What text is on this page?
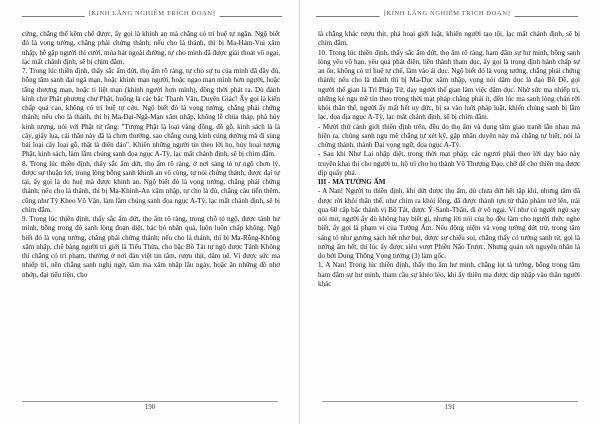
[KINH LĂNG NGHIÊM TRÍCH ĐOẠN]

cứng, chẳng thể kềm chế được, ấy gọi là khinh an mà chẳng có trí huệ tự ngăn. Ngộ biết đó là vọng tưởng, chẳng phải chứng thánh; nếu cho là thánh, thì bị Ma-Hám-Vui xâm nhập, hễ gặp người thì cười, múa hát ngoài đường, tự cho mình đã được giải thoát vô ngại, lạc mất chánh định, sẽ bị chìm đắm.

7. Trong lúc thiền định, thấy sắc ấm dứt, thọ ấm rõ ràng, tự cho sự tu của mình đã đầy đủ, bỗng tâm sanh đại ngã mạn, hoặc khinh mạn người, hoặc ngạo mạn mình hơn người, hoặc tăng thượng mạn, hoặc ti liệt mạn (khinh người hơn mình), đồng thời phát ra. Dù đảnh kính chư Phật phương chư Phật, huống là các bậc Thanh Văn, Duyên Giác! Ấy gọi là kiến chấp quá cao, không có trí huệ tự cứu. Ngộ biết đó là vọng tưởng, chẳng phải chứng thánh; nếu cho là thánh, thì bị Ma-Đại-Ngã-Mạn xâm nhập, không lễ chùa tháp, phá hủy kinh tượng, nói với Phật tử rằng: "Tượng Phật là loại vàng đồng, đồ gỗ, kinh sách là lá cây, giấy lụa, cái thân này đã là chơn thường, sao chẳng cung kính cúng dường mà đi sùng bái loại cây loại gỗ, thật là điên đảo". Khiến những người tin theo lời họ, hủy hoại tượng Phật, kinh sách, làm lầm chúng sanh đọa ngục A-Tỳ, lạc mất chánh định, sẽ bị chìm đắm.

8. Trong lúc thiền định, thấy sắc ấm dứt, thọ ấm rõ ràng, ở nơi sáng tỏ tự ngộ chơn lý, được sự thuận lợi, trong lòng bỗng sanh khinh an vô cùng, tự nói chứng thánh, được đại tự tại, ấy gọi là do huệ mà được khinh an. Ngộ biết đó là vọng tưởng, chẳng phải chứng thánh; nếu cho là thánh, thì bị Ma-Khinh-An xâm nhập, tự cho là đủ, chẳng cầu tiến thêm, cũng như Tỳ Kheo Vô Văn, làm lầm chúng sanh đọa ngục A-Tỳ, lạc mất chánh định, sẽ bị chìm đắm.

9. Trong lúc thiền định, thấy sắc ấm dứt, thọ ấm rõ ràng, trong chỗ tỏ ngộ, được tánh hư minh, bỗng trong đó sanh lòng đoạn diệt, bác bỏ nhân quả, luôn luôn chấp không. Ngộ biết đó là vọng tưởng, chẳng phải chứng thánh; nếu cho là thánh, thì bị Ma-Rỗng-Không xâm nhập, chê bàng người trì giới là Tiểu Thừa, cho bậc Bồ Tát tự ngộ được Tánh Không thì chẳng có trì phạm, thường ở nơi đàn việt tin tâm, rượu thịt, dâm uế. Vì được sức ma nhiếp trì, nên chẳng sanh nghi ngờ, tâm ma xâm nhập lâu ngày, hoặc ăn những đồ nhơ nhớp, đại tiểu tiện, cho

190
[KINH LĂNG NGHIÊM TRÍCH ĐOẠN]

là chẳng khác rượu thịt, phá hoại giới luật, khiến người tạo tội, lạc mất chánh định, sẽ bị chìm đắm.

10. Trong lúc thiền định, thấy sắc ấm dứt, thọ ấm rõ ràng, ham đắm sự hư minh, bỗng sanh lòng yêu vô hạn, yêu quá phát điên, liền thành tham dục, ấy gọi là trong định hành chấp sự an ổn, không có trí huệ tự chế, lầm vào ái dục. Ngộ biết đó là vọng tưởng, chẳng phải chứng thánh; nếu cho là thánh thì bị Ma-Dục xâm nhập, vọng nói dâm dục là đạo Bồ Đề, gọi người thế gian là Trì Pháp Tử, dạy người thế gian làm việc dâm dục. Nhờ sức ma nhiếp trì, những kẻ ngu mê tin theo trong thời mạt pháp chẳng phải ít, đến lúc ma sanh lòng chán rời khỏi thân thể, người ấy mất hết uy đức, bị sa vào luới pháp luật, khiến chúng sanh bị lầm lạc, đọa địa ngục A-Tỳ, lạc mất chánh định, sẽ bị chìm đắm.

- Mười thứ cảnh giới thiền định trên, đều do thọ ấm và dụng tâm giao tranh lẫn nhau mà hiện ra, chúng sanh ngu mê chẳng tự xét kỹ, gặp nhân duyên này mà chẳng tự biết, nói là chứng thánh, thành Đại vọng ngữ, đọa ngục A-Tỳ.

- Sau khi Như Lai nhập diệt, trong thời mạt pháp, các ngươi phải theo lời dạy bảo này truyền khai thị cho người tu, hộ trì cho họ thành Vô Thượng Đạo, chớ để cho thiên ma được dịp quấy phá.

III - MA TƯỞNG ẤM

- A Nan! Người tu thiền định, khi dứt được thọ ấm, dù chưa dứt hết tập khí, nhưng tâm đã được rời khỏi thân thể, như chim ra khỏi lồng, đã được thành tựu từ thân phàm trở lên, trải qua 60 cấp bậc thánh vị Bồ Tát, được Ý-Sanh-Thân, đi ở vô ngại. Ví như có người ngủ say nói mơ, người ấy dù không hay biết gì, nhưng lời nói của họ đều làm cho người thức nghe biết, ấy gọi là phạm vi của Tưởng Ấm. Nếu động niệm và vọng tưởng dứt trừ, trong tâm sáng tỏ như gương sạch hết nhơ bụi, được sự chiếu soi, chẳng thấy có tướng sanh tử, gọi là tưởng ấm hết, thì lúc ấy được siêu vượt Phiền Não Trược. Nhưng quán xét nguyên nhân là do bởi Dung Thông Vọng tưởng (3) làm gốc.

1. A Nan! Trong lúc thiền định, thấy thọ ấm hư minh, chẳng lọt tà tưởng, bỗng trong tâm ham đắm sự hư minh, tham cầu sự khéo léo, khi ấy thiên ma được dịp nhập vào thân người khác

191
